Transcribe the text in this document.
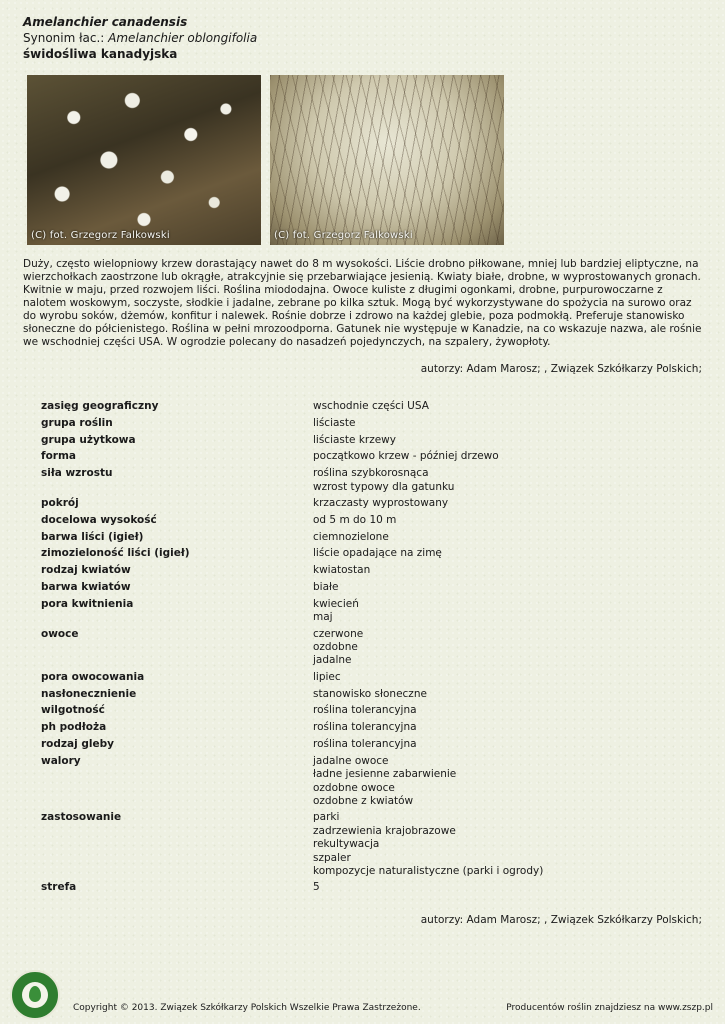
Amelanchier canadensis
Synonim łac.: Amelanchier oblongifolia
świdośliwa kanadyjska
(C) fot. Grzegorz Falkowski	(C) fot. Grzegorz Falkowski

Duży, często wielopniowy krzew dorastający nawet do 8 m wysokości. Liście drobno piłkowane, mniej lub bardziej eliptyczne, na wierzchołkach zaostrzone lub okrągłe, atrakcyjnie się przebarwiające jesienią. Kwiaty białe, drobne, w wyprostowanych gronach. Kwitnie w maju, przed rozwojem liści. Roślina miododajna. Owoce kuliste z długimi ogonkami, drobne, purpurowoczarne z nalotem woskowym, soczyste, słodkie i jadalne, zebrane po kilka sztuk. Mogą być wykorzystywane do spożycia na surowo oraz do wyrobu soków, dżemów, konfitur i nalewek. Rośnie dobrze i zdrowo na każdej glebie, poza podmokłą. Preferuje stanowisko słoneczne do półcienistego. Roślina w pełni mrozoodporna. Gatunek nie występuje w Kanadzie, na co wskazuje nazwa, ale rośnie we wschodniej części USA. W ogrodzie polecany do nasadzeń pojedynczych, na szpalery, żywopłoty.

autorzy: Adam Marosz; , Związek Szkółkarzy Polskich;
zasięg geograficzny	wschodnie części USA

grupa roślin	liściaste

grupa użytkowa	liściaste krzewy

forma	początkowo krzew - później drzewo

siła wzrostu	roślina szybkorosnąca
wzrost typowy dla gatunku

pokrój	krzaczasty wyprostowany

docelowa wysokość	od 5 m do 10 m

barwa liści (igieł)	ciemnozielone

zimozieloność liści (igieł)	liście opadające na zimę

rodzaj kwiatów	kwiatostan

barwa kwiatów	białe

pora kwitnienia	kwiecień
maj

owoce	czerwone
ozdobne
jadalne

pora owocowania	lipiec

nasłonecznienie	stanowisko słoneczne

wilgotność	roślina tolerancyjna

ph podłoża	roślina tolerancyjna

rodzaj gleby	roślina tolerancyjna

walory	jadalne owoce
ładne jesienne zabarwienie
ozdobne owoce
ozdobne z kwiatów

zastosowanie	parki
zadrzewienia krajobrazowe
rekultywacja
szpaler
kompozycje naturalistyczne (parki i ogrody)

strefa	5
autorzy: Adam Marosz; , Związek Szkółkarzy Polskich;
Copyright © 2013. Związek Szkółkarzy Polskich Wszelkie Prawa Zastrzeżone.	Producentów roślin znajdziesz na www.zszp.pl
